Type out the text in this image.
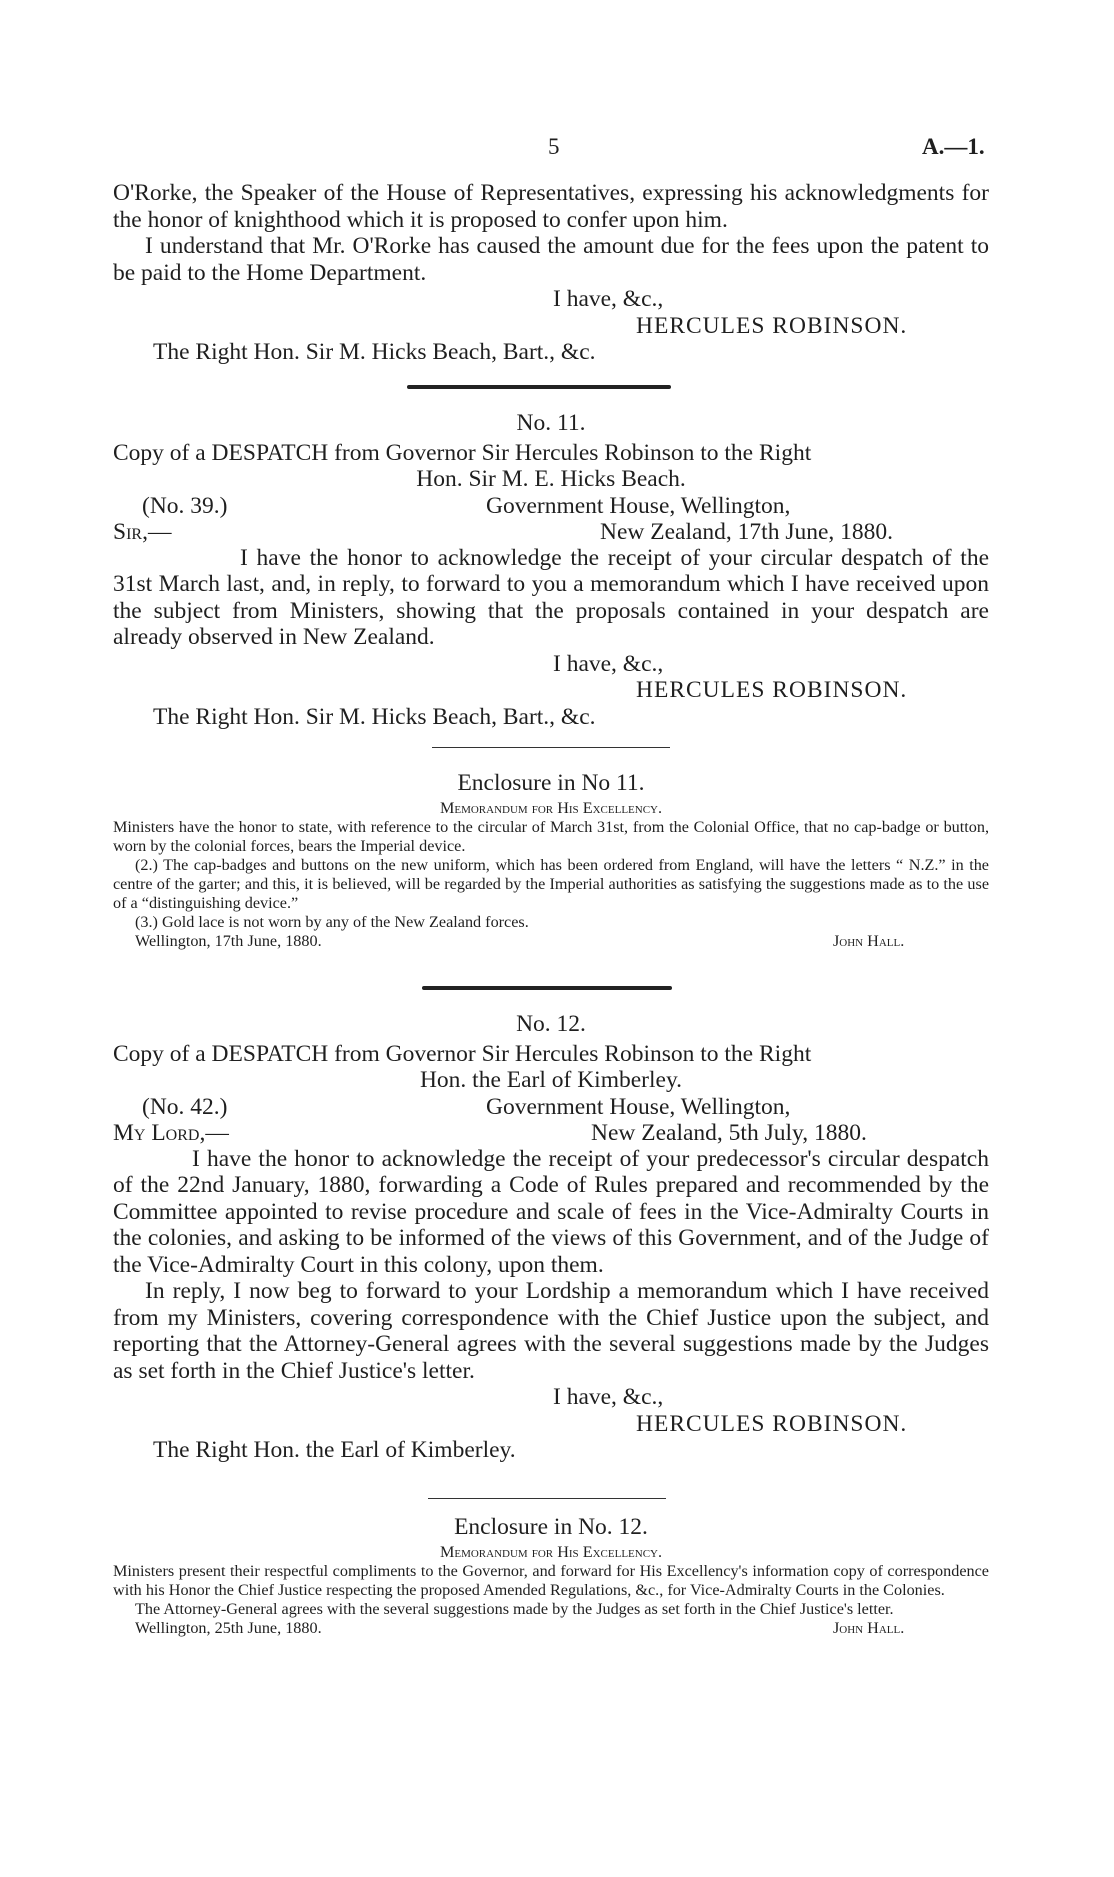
5	A.—1.

O'Rorke, the Speaker of the House of Representatives, expressing his acknowledgments for the honor of knighthood which it is proposed to confer upon him.

I understand that Mr. O'Rorke has caused the amount due for the fees upon the patent to be paid to the Home Department.

I have, &c.,

HERCULES ROBINSON.

The Right Hon. Sir M. Hicks Beach, Bart., &c.

No. 11.

Copy of a DESPATCH from Governor Sir Hercules Robinson to the Right

Hon. Sir M. E. Hicks Beach.

(No. 39.)	Government House, Wellington,
Sir,—	New Zealand, 17th June, 1880.

I have the honor to acknowledge the receipt of your circular despatch of the 31st March last, and, in reply, to forward to you a memorandum which I have received upon the subject from Ministers, showing that the proposals contained in your despatch are already observed in New Zealand.

I have, &c.,

HERCULES ROBINSON.

The Right Hon. Sir M. Hicks Beach, Bart., &c.

Enclosure in No 11.

Memorandum for His Excellency.

Ministers have the honor to state, with reference to the circular of March 31st, from the Colonial Office, that no cap-badge or button, worn by the colonial forces, bears the Imperial device.

(2.) The cap-badges and buttons on the new uniform, which has been ordered from England, will have the letters “ N.Z.” in the centre of the garter; and this, it is believed, will be regarded by the Imperial authorities as satisfying the suggestions made as to the use of a “distinguishing device.”

(3.) Gold lace is not worn by any of the New Zealand forces.

Wellington, 17th June, 1880.	John Hall.

No. 12.

Copy of a DESPATCH from Governor Sir Hercules Robinson to the Right

Hon. the Earl of Kimberley.

(No. 42.)	Government House, Wellington,
My Lord,—	New Zealand, 5th July, 1880.

I have the honor to acknowledge the receipt of your predecessor's circular despatch of the 22nd January, 1880, forwarding a Code of Rules prepared and recommended by the Committee appointed to revise procedure and scale of fees in the Vice-Admiralty Courts in the colonies, and asking to be informed of the views of this Government, and of the Judge of the Vice-Admiralty Court in this colony, upon them.

In reply, I now beg to forward to your Lordship a memorandum which I have received from my Ministers, covering correspondence with the Chief Justice upon the subject, and reporting that the Attorney-General agrees with the several suggestions made by the Judges as set forth in the Chief Justice's letter.

I have, &c.,

HERCULES ROBINSON.

The Right Hon. the Earl of Kimberley.

Enclosure in No. 12.

Memorandum for His Excellency.

Ministers present their respectful compliments to the Governor, and forward for His Excellency's information copy of correspondence with his Honor the Chief Justice respecting the proposed Amended Regulations, &c., for Vice-Admiralty Courts in the Colonies.

The Attorney-General agrees with the several suggestions made by the Judges as set forth in the Chief Justice's letter.

Wellington, 25th June, 1880.	John Hall.
